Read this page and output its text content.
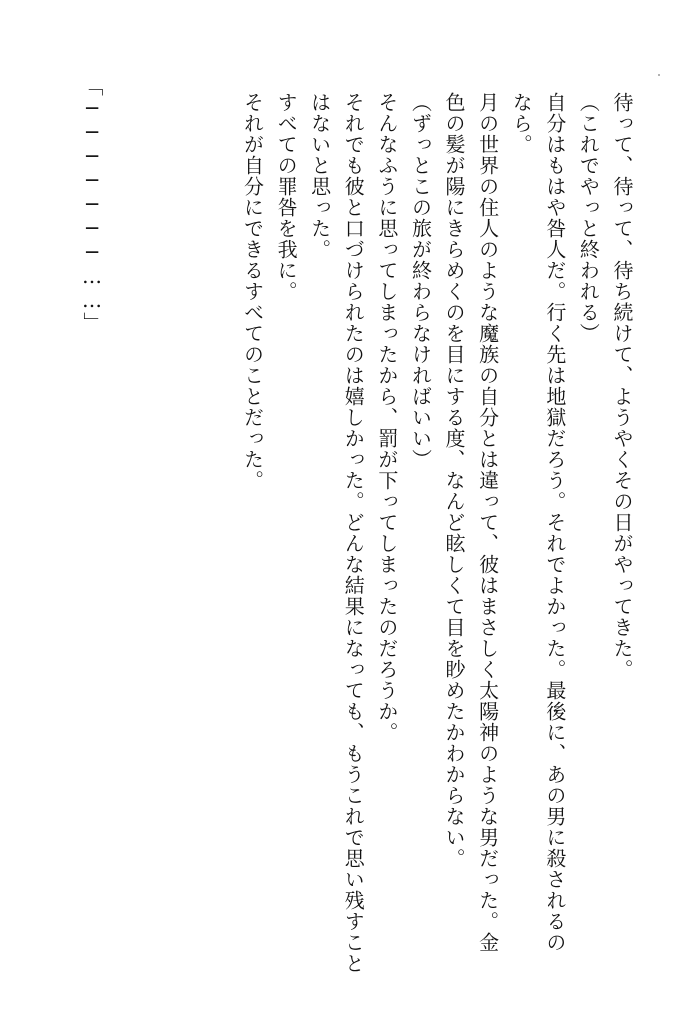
待って、待って、待ち続けて、ようやくその日がやってきた。
（これでやっと終われる）
自分はもはや咎人だ。行く先は地獄だろう。それでよかった。最後に、あの男に殺されるの
なら。
月の世界の住人のような魔族の自分とは違って、彼はまさしく太陽神のような男だった。金
色の髪が陽にきらめくのを目にする度、なんど眩しくて目を眇めたかわからない。
（ずっとこの旅が終わらなければいい）
そんなふうに思ってしまったから、罰が下ってしまったのだろうか。
それでも彼と口づけられたのは嬉しかった。どんな結果になっても、もうこれで思い残すこと
はないと思った。
すべての罪咎を我に。
それが自分にできるすべてのことだった。
「───────……」
